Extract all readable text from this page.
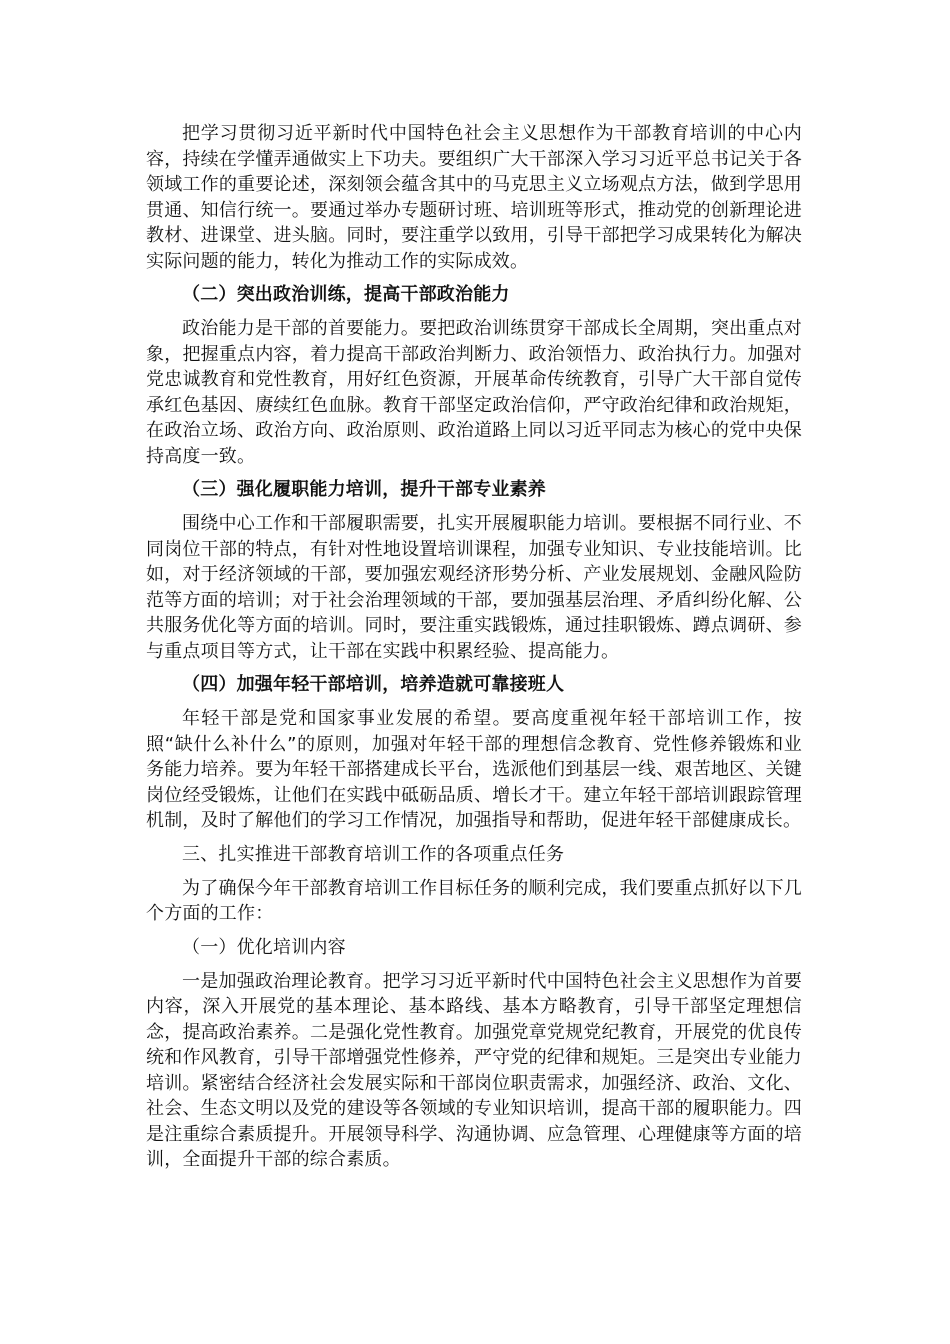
把学习贯彻习近平新时代中国特色社会主义思想作为干部教育培训的中心内容，持续在学懂弄通做实上下功夫。要组织广大干部深入学习习近平总书记关于各领域工作的重要论述，深刻领会蕴含其中的马克思主义立场观点方法，做到学思用贯通、知信行统一。要通过举办专题研讨班、培训班等形式，推动党的创新理论进教材、进课堂、进头脑。同时，要注重学以致用，引导干部把学习成果转化为解决实际问题的能力，转化为推动工作的实际成效。

（二）突出政治训练，提高干部政治能力

政治能力是干部的首要能力。要把政治训练贯穿干部成长全周期，突出重点对象，把握重点内容，着力提高干部政治判断力、政治领悟力、政治执行力。加强对党忠诚教育和党性教育，用好红色资源，开展革命传统教育，引导广大干部自觉传承红色基因、赓续红色血脉。教育干部坚定政治信仰，严守政治纪律和政治规矩，在政治立场、政治方向、政治原则、政治道路上同以习近平同志为核心的党中央保持高度一致。

（三）强化履职能力培训，提升干部专业素养

围绕中心工作和干部履职需要，扎实开展履职能力培训。要根据不同行业、不同岗位干部的特点，有针对性地设置培训课程，加强专业知识、专业技能培训。比如，对于经济领域的干部，要加强宏观经济形势分析、产业发展规划、金融风险防范等方面的培训；对于社会治理领域的干部，要加强基层治理、矛盾纠纷化解、公共服务优化等方面的培训。同时，要注重实践锻炼，通过挂职锻炼、蹲点调研、参与重点项目等方式，让干部在实践中积累经验、提高能力。

（四）加强年轻干部培训，培养造就可靠接班人

年轻干部是党和国家事业发展的希望。要高度重视年轻干部培训工作，按照“缺什么补什么”的原则，加强对年轻干部的理想信念教育、党性修养锻炼和业务能力培养。要为年轻干部搭建成长平台，选派他们到基层一线、艰苦地区、关键岗位经受锻炼，让他们在实践中砥砺品质、增长才干。建立年轻干部培训跟踪管理机制，及时了解他们的学习工作情况，加强指导和帮助，促进年轻干部健康成长。

三、扎实推进干部教育培训工作的各项重点任务

为了确保今年干部教育培训工作目标任务的顺利完成，我们要重点抓好以下几个方面的工作：

（一）优化培训内容

一是加强政治理论教育。把学习习近平新时代中国特色社会主义思想作为首要内容，深入开展党的基本理论、基本路线、基本方略教育，引导干部坚定理想信念，提高政治素养。二是强化党性教育。加强党章党规党纪教育，开展党的优良传统和作风教育，引导干部增强党性修养，严守党的纪律和规矩。三是突出专业能力培训。紧密结合经济社会发展实际和干部岗位职责需求，加强经济、政治、文化、社会、生态文明以及党的建设等各领域的专业知识培训，提高干部的履职能力。四是注重综合素质提升。开展领导科学、沟通协调、应急管理、心理健康等方面的培训，全面提升干部的综合素质。
